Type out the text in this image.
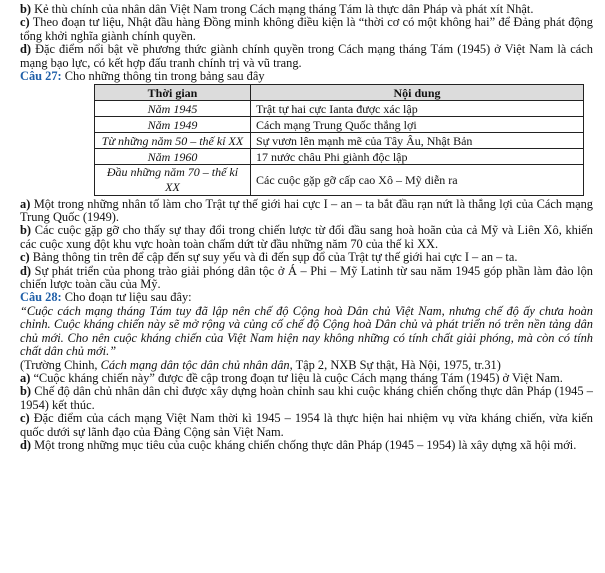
b) Kẻ thù chính của nhân dân Việt Nam trong Cách mạng tháng Tám là thực dân Pháp và phát xít Nhật.

c) Theo đoạn tư liệu, Nhật đầu hàng Đồng minh không điều kiện là “thời cơ có một không hai” để Đảng phát động tổng khởi nghĩa giành chính quyền.

d) Đặc điểm nổi bật về phương thức giành chính quyền trong Cách mạng tháng Tám (1945) ở Việt Nam là cách mạng bạo lực, có kết hợp đấu tranh chính trị và vũ trang.

Câu 27: Cho những thông tin trong bảng sau đây

Thời gian	Nội dung
Năm 1945	Trật tự hai cực Ianta được xác lập
Năm 1949	Cách mạng Trung Quốc thắng lợi
Từ những năm 50 – thế kỉ XX	Sự vươn lên mạnh mẽ của Tây Âu, Nhật Bản
Năm 1960	17 nước châu Phi giành độc lập
Đầu những năm 70 – thế kỉ XX	Các cuộc gặp gỡ cấp cao Xô – Mỹ diễn ra

a) Một trong những nhân tố làm cho Trật tự thế giới hai cực I – an – ta bắt đầu rạn nứt là thắng lợi của Cách mạng Trung Quốc (1949).

b) Các cuộc gặp gỡ cho thấy sự thay đổi trong chiến lược từ đối đầu sang hoà hoãn của cả Mỹ và Liên Xô, khiến các cuộc xung đột khu vực hoàn toàn chấm dứt từ đầu những năm 70 của thế kỉ XX.

c) Bảng thông tin trên để cập đến sự suy yếu và đi đến sụp đổ của Trật tự thế giới hai cực I – an – ta.

d) Sự phát triển của phong trào giải phóng dân tộc ở Á – Phi – Mỹ Latinh từ sau năm 1945 góp phần làm đảo lộn chiến lược toàn cầu của Mỹ.

Câu 28: Cho đoạn tư liệu sau đây:

“Cuộc cách mạng tháng Tám tuy đã lập nên chế độ Cộng hoà Dân chủ Việt Nam, nhưng chế độ ấy chưa hoàn chỉnh. Cuộc kháng chiến này sẽ mở rộng và củng cố chế độ Cộng hoà Dân chủ và phát triển nó trên nền tảng dân chủ mới. Cho nên cuộc kháng chiến của Việt Nam hiện nay không những có tính chất giải phóng, mà còn có tính chất dân chủ mới.”

(Trường Chinh, Cách mạng dân tộc dân chủ nhân dân, Tập 2, NXB Sự thật, Hà Nội, 1975, tr.31)

a) “Cuộc kháng chiến này” được đề cập trong đoạn tư liệu là cuộc Cách mạng tháng Tám (1945) ở Việt Nam.

b) Chế độ dân chủ nhân dân chỉ được xây dựng hoàn chỉnh sau khi cuộc kháng chiến chống thực dân Pháp (1945 – 1954) kết thúc.

c) Đặc điểm của cách mạng Việt Nam thời kì 1945 – 1954 là thực hiện hai nhiệm vụ vừa kháng chiến, vừa kiến quốc dưới sự lãnh đạo của Đảng Cộng sản Việt Nam.

d) Một trong những mục tiêu của cuộc kháng chiến chống thực dân Pháp (1945 – 1954) là xây dựng xã hội mới.
